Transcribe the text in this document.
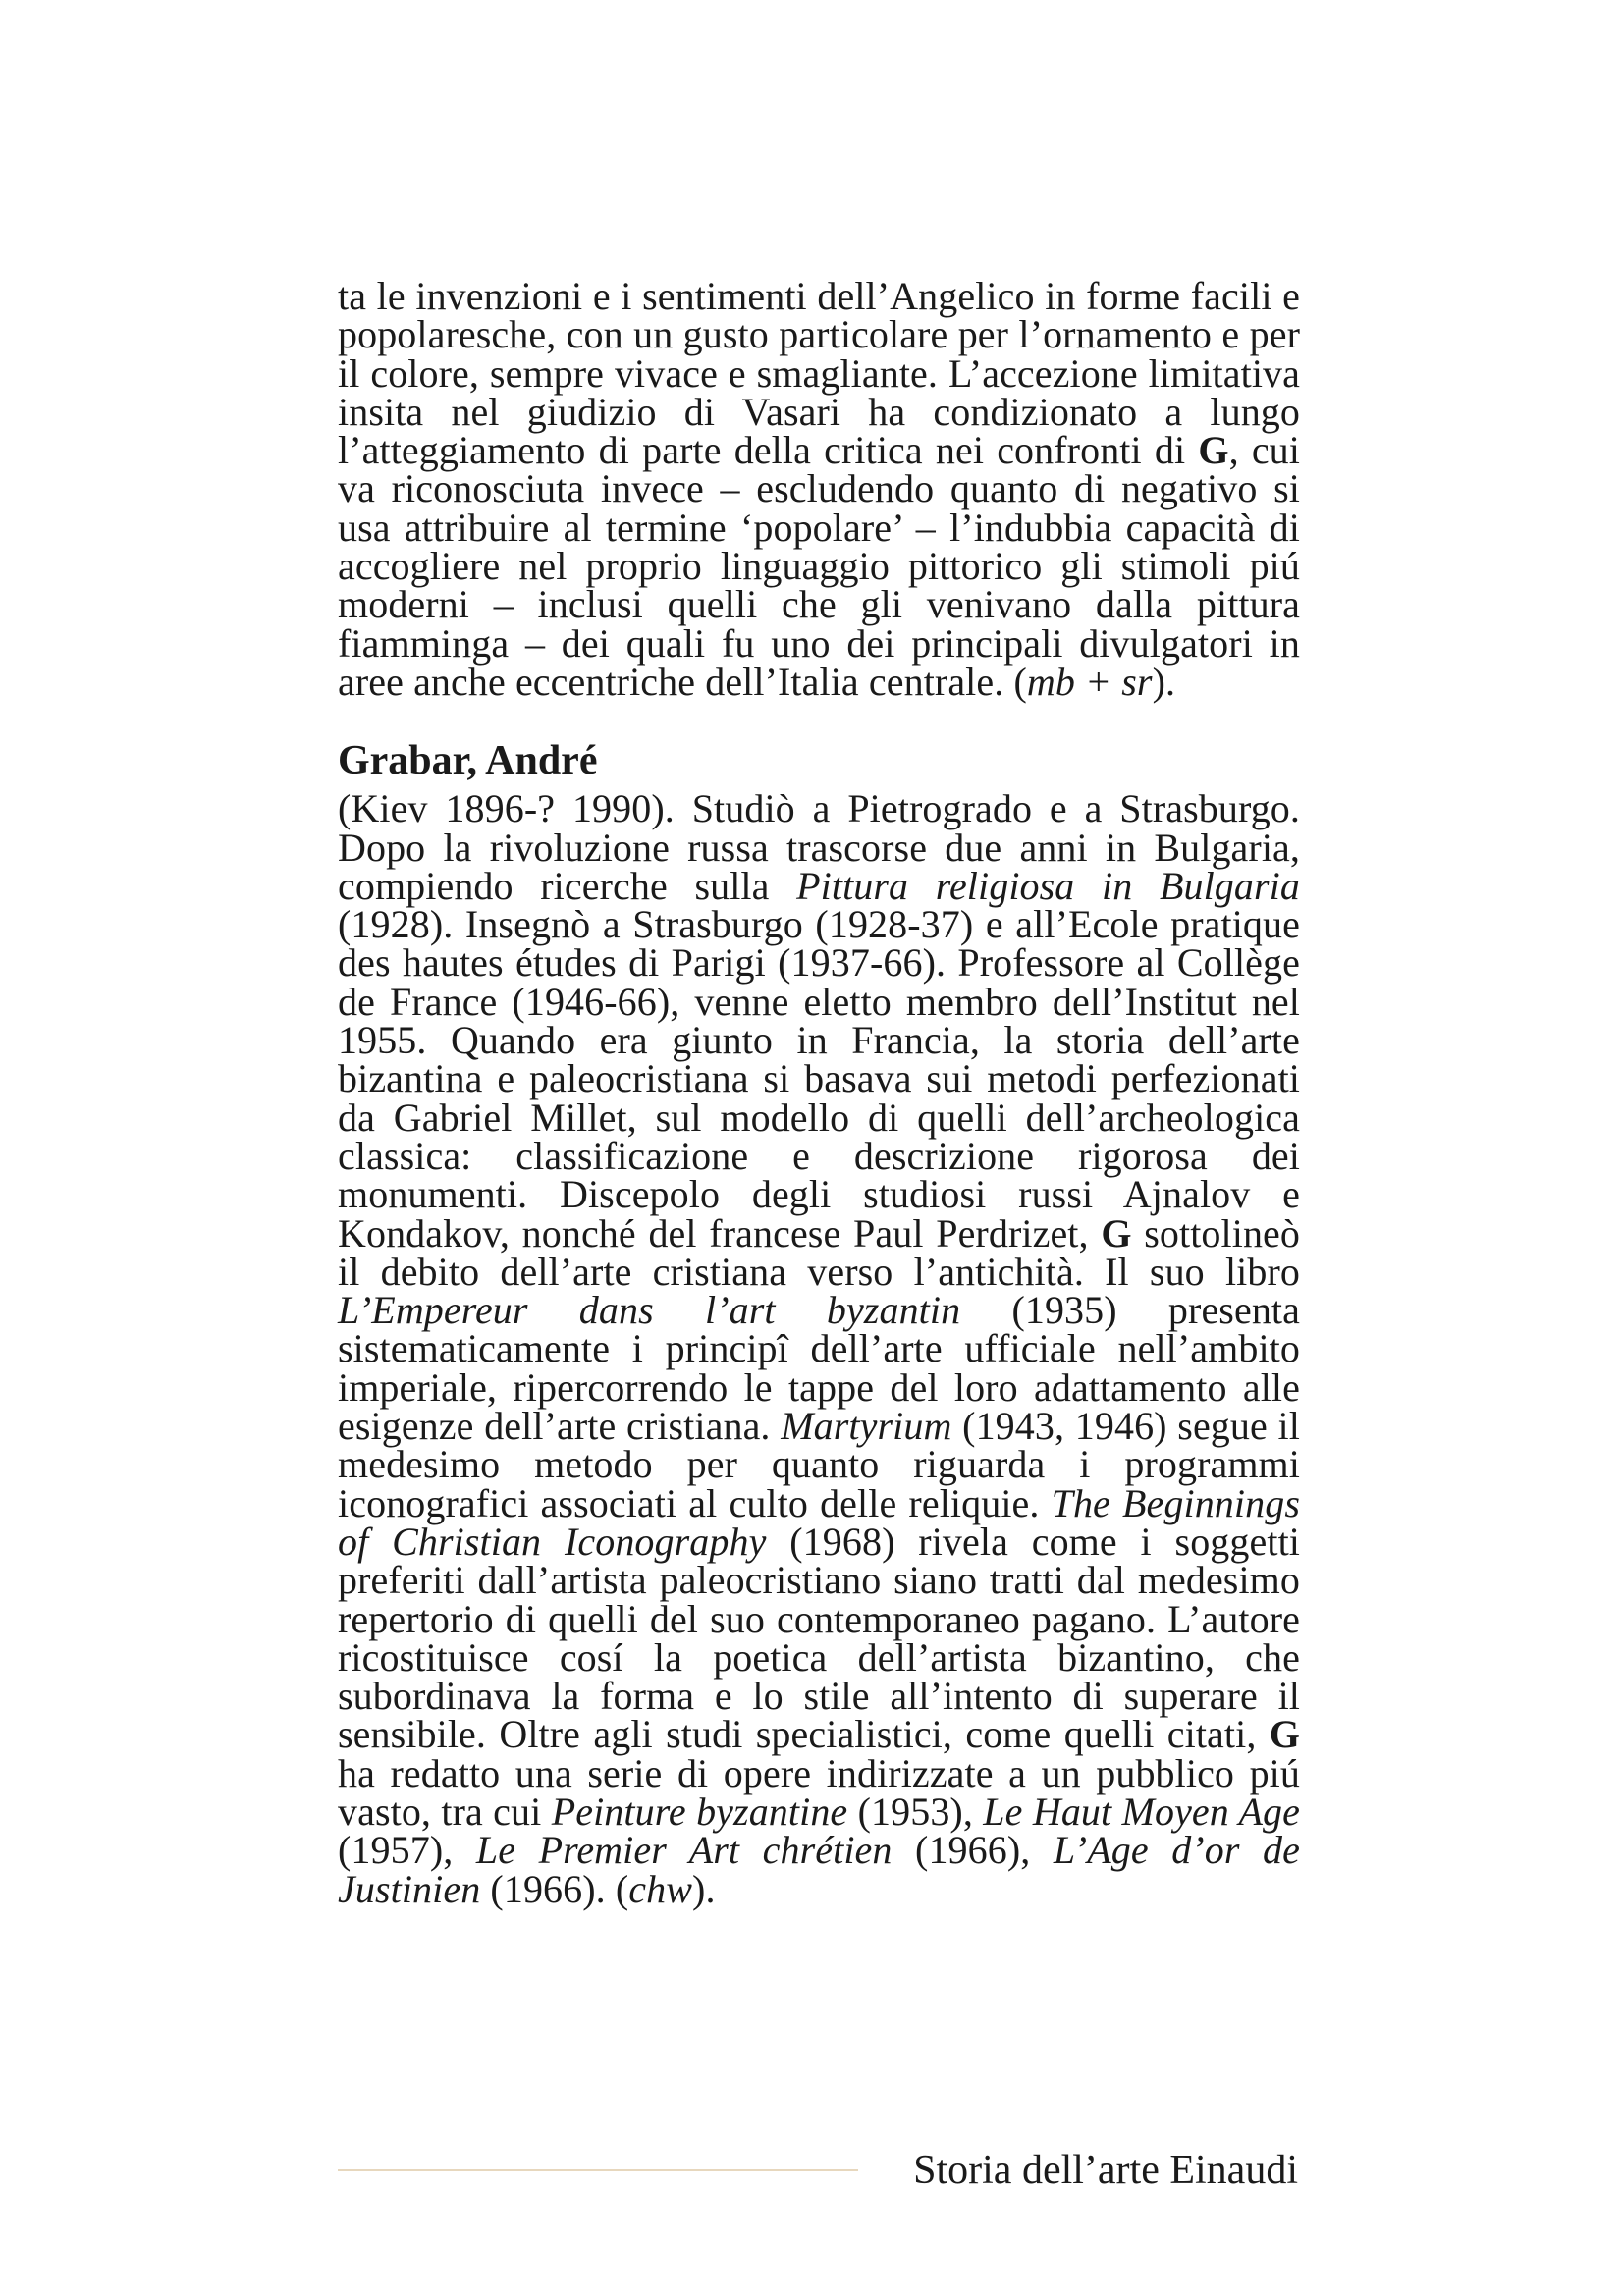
ta le invenzioni e i sentimenti dell’Angelico in forme facili e popolaresche, con un gusto particolare per l’ornamento e per il colore, sempre vivace e smagliante. L’accezione limitativa insita nel giudizio di Vasari ha condizionato a lungo l’atteggiamento di parte della critica nei confronti di G, cui va riconosciuta invece – escludendo quanto di negativo si usa attribuire al termine ‘popolare’ – l’indubbia capacità di accogliere nel proprio linguaggio pittorico gli stimoli piú moderni – inclusi quelli che gli venivano dalla pittura fiamminga – dei quali fu uno dei principali divulgatori in aree anche eccentriche dell’Italia centrale. (mb + sr).

Grabar, André

(Kiev 1896-? 1990). Studiò a Pietrogrado e a Strasburgo. Dopo la rivoluzione russa trascorse due anni in Bulgaria, compiendo ricerche sulla Pittura religiosa in Bulgaria (1928). Insegnò a Strasburgo (1928-37) e all’Ecole pratique des hautes études di Parigi (1937-66). Professore al Collège de France (1946-66), venne eletto membro dell’Institut nel 1955. Quando era giunto in Francia, la storia dell’arte bizantina e paleocristiana si basava sui metodi perfezionati da Gabriel Millet, sul modello di quelli dell’archeologica classica: classificazione e descrizione rigorosa dei monumenti. Discepolo degli studiosi russi Ajnalov e Kondakov, nonché del francese Paul Perdrizet, G sottolineò il debito dell’arte cristiana verso l’antichità. Il suo libro L’Empereur dans l’art byzantin (1935) presenta sistematicamente i principî dell’arte ufficiale nell’ambito imperiale, ripercorrendo le tappe del loro adattamento alle esigenze dell’arte cristiana. Martyrium (1943, 1946) segue il medesimo metodo per quanto riguarda i programmi iconografici associati al culto delle reliquie. The Beginnings of Christian Iconography (1968) rivela come i soggetti preferiti dall’artista paleocristiano siano tratti dal medesimo repertorio di quelli del suo contemporaneo pagano. L’autore ricostituisce cosí la poetica dell’artista bizantino, che subordinava la forma e lo stile all’intento di superare il sensibile. Oltre agli studi specialistici, come quelli citati, G ha redatto una serie di opere indirizzate a un pubblico piú vasto, tra cui Peinture byzantine (1953), Le Haut Moyen Age (1957), Le Premier Art chrétien (1966), L’Age d’or de Justinien (1966). (chw).

Storia dell’arte Einaudi
